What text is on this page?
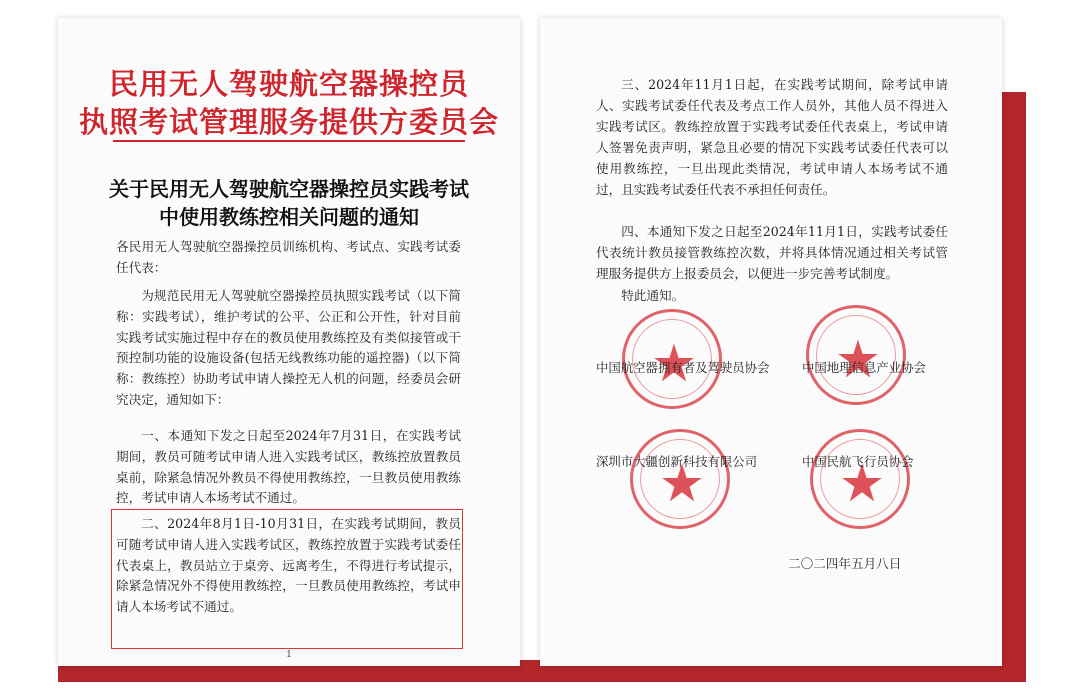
民用无人驾驶航空器操控员
执照考试管理服务提供方委员会
关于民用无人驾驶航空器操控员实践考试
中使用教练控相关问题的通知

各民用无人驾驶航空器操控员训练机构、考试点、实践考试委任代表：

为规范民用无人驾驶航空器操控员执照实践考试（以下简称：实践考试），维护考试的公平、公正和公开性，针对目前实践考试实施过程中存在的教员使用教练控及有类似接管或干预控制功能的设施设备(包括无线教练功能的遥控器)（以下简称：教练控）协助考试申请人操控无人机的问题，经委员会研究决定，通知如下：

一、本通知下发之日起至2024年7月31日，在实践考试期间，教员可随考试申请人进入实践考试区，教练控放置教员桌前，除紧急情况外教员不得使用教练控，一旦教员使用教练控，考试申请人本场考试不通过。

二、2024年8月1日-10月31日，在实践考试期间，教员可随考试申请人进入实践考试区，教练控放置于实践考试委任代表桌上，教员站立于桌旁、远离考生，不得进行考试提示，除紧急情况外不得使用教练控，一旦教员使用教练控，考试申请人本场考试不通过。

1

三、2024年11月1日起，在实践考试期间，除考试申请人、实践考试委任代表及考点工作人员外，其他人员不得进入实践考试区。教练控放置于实践考试委任代表桌上，考试申请人签署免责声明，紧急且必要的情况下实践考试委任代表可以使用教练控，一旦出现此类情况，考试申请人本场考试不通过，且实践考试委任代表不承担任何责任。

四、本通知下发之日起至2024年11月1日，实践考试委任代表统计教员接管教练控次数，并将具体情况通过相关考试管理服务提供方上报委员会，以便进一步完善考试制度。

特此通知。

中国航空器拥有者及驾驶员协会	中国地理信息产业协会
深圳市大疆创新科技有限公司	中国民航飞行员协会
二〇二四年五月八日
